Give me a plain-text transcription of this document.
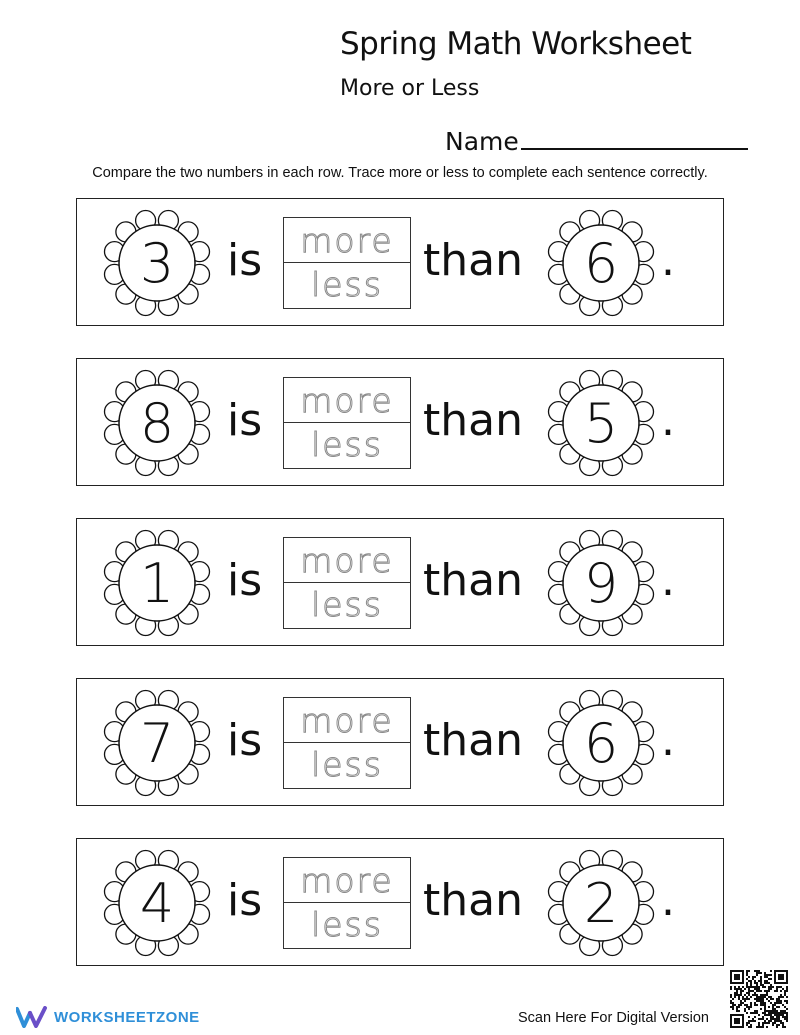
Spring Math Worksheet
More or Less
Name
Compare the two numbers in each row. Trace more or less to complete each sentence correctly.
3	is	more
less than	6 .
8	is	more
less than	5 .
1	is	more
less than	9 .
7	is	more
less than	6 .
4	is	more
less than	2 .
WORKSHEETZONE	Scan Here For Digital Version
